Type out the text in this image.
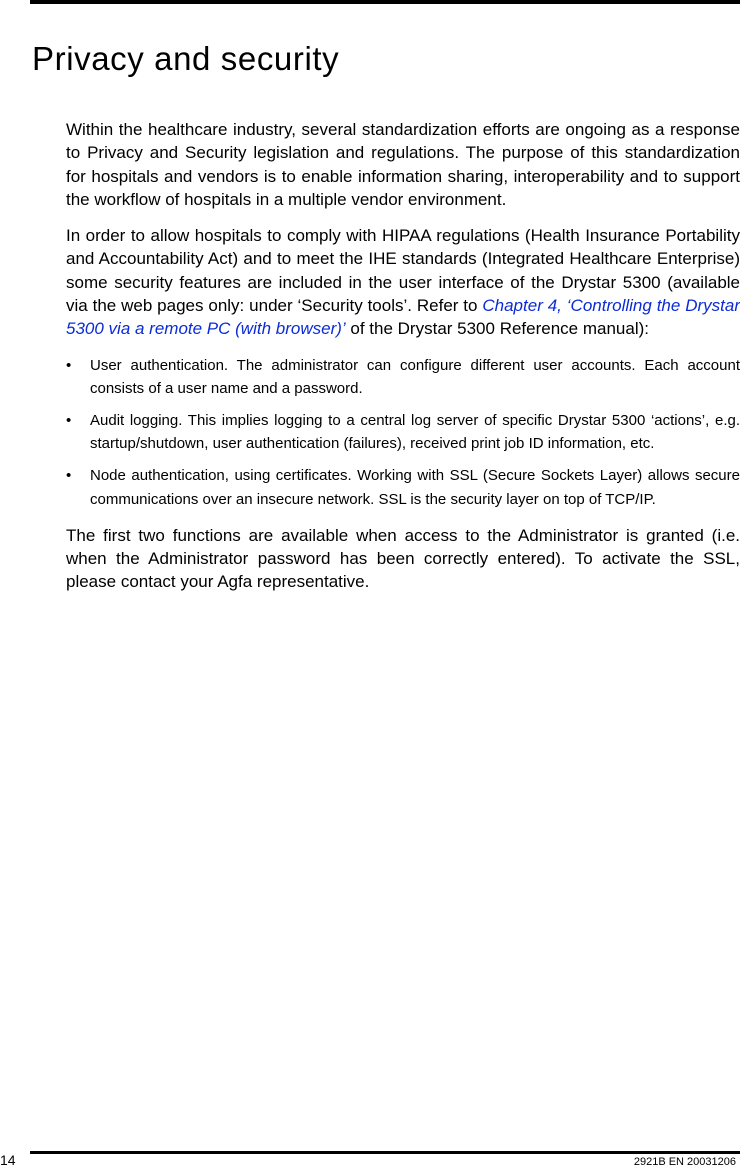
Privacy and security

Within the healthcare industry, several standardization efforts are ongoing as a response to Privacy and Security legislation and regulations. The purpose of this standardization for hospitals and vendors is to enable information sharing, interoperability and to support the workflow of hospitals in a multiple vendor environment.

In order to allow hospitals to comply with HIPAA regulations (Health Insurance Portability and Accountability Act) and to meet the IHE standards (Integrated Healthcare Enterprise) some security features are included in the user interface of the Drystar 5300 (available via the web pages only: under ‘Security tools’. Refer to Chapter 4, ‘Controlling the Drystar 5300 via a remote PC (with browser)’ of the Drystar 5300 Reference manual):

• User authentication. The administrator can configure different user accounts. Each account consists of a user name and a password.
• Audit logging. This implies logging to a central log server of specific Drystar 5300 ‘actions’, e.g. startup/shutdown, user authentication (failures), received print job ID information, etc.
• Node authentication, using certificates. Working with SSL (Secure Sockets Layer) allows secure communications over an insecure network. SSL is the security layer on top of TCP/IP.

The first two functions are available when access to the Administrator is granted (i.e. when the Administrator password has been correctly entered). To activate the SSL, please contact your Agfa representative.

14	2921B EN 20031206
